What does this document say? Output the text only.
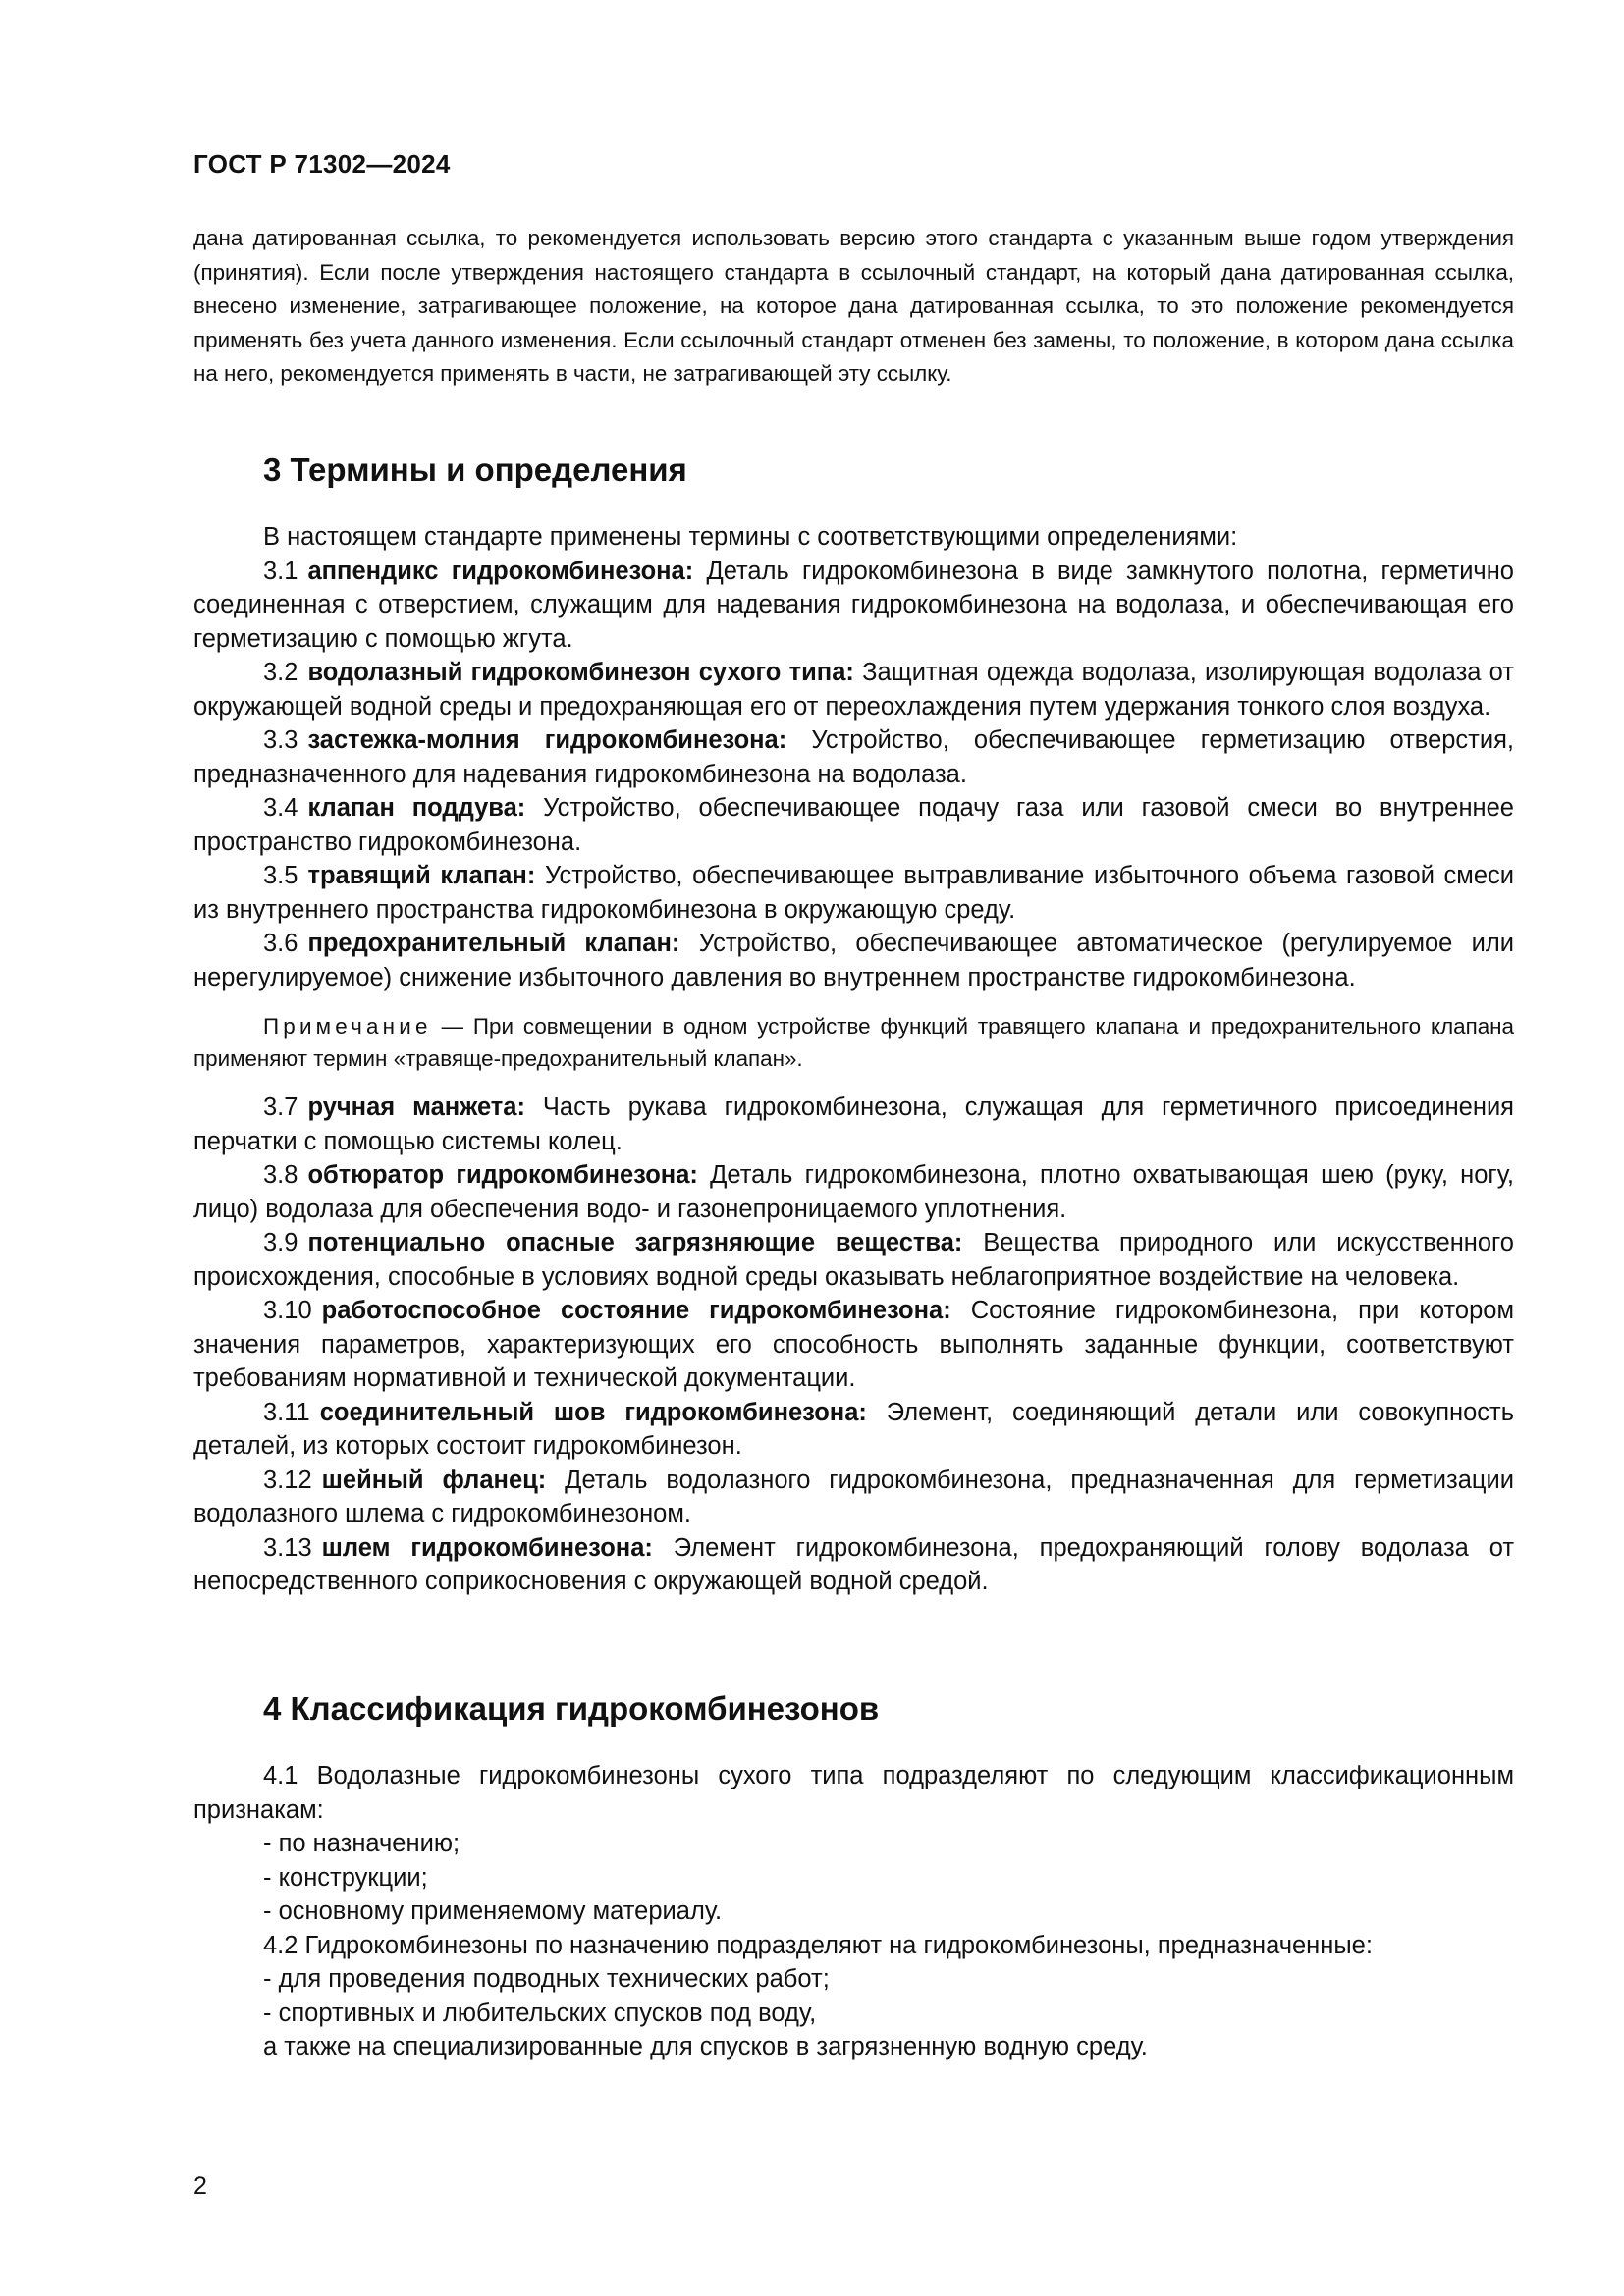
ГОСТ Р 71302—2024

дана датированная ссылка, то рекомендуется использовать версию этого стандарта с указанным выше годом утверждения (принятия). Если после утверждения настоящего стандарта в ссылочный стандарт, на который дана датированная ссылка, внесено изменение, затрагивающее положение, на которое дана датированная ссылка, то это положение рекомендуется применять без учета данного изменения. Если ссылочный стандарт отменен без замены, то положение, в котором дана ссылка на него, рекомендуется применять в части, не затрагивающей эту ссылку.

3 Термины и определения

В настоящем стандарте применены термины с соответствующими определениями:

3.1 аппендикс гидрокомбинезона: Деталь гидрокомбинезона в виде замкнутого полотна, герметично соединенная с отверстием, служащим для надевания гидрокомбинезона на водолаза, и обеспечивающая его герметизацию с помощью жгута.

3.2 водолазный гидрокомбинезон сухого типа: Защитная одежда водолаза, изолирующая водолаза от окружающей водной среды и предохраняющая его от переохлаждения путем удержания тонкого слоя воздуха.

3.3 застежка-молния гидрокомбинезона: Устройство, обеспечивающее герметизацию отверстия, предназначенного для надевания гидрокомбинезона на водолаза.

3.4 клапан поддува: Устройство, обеспечивающее подачу газа или газовой смеси во внутреннее пространство гидрокомбинезона.

3.5 травящий клапан: Устройство, обеспечивающее вытравливание избыточного объема газовой смеси из внутреннего пространства гидрокомбинезона в окружающую среду.

3.6 предохранительный клапан: Устройство, обеспечивающее автоматическое (регулируемое или нерегулируемое) снижение избыточного давления во внутреннем пространстве гидрокомбинезона.

Примечание — При совмещении в одном устройстве функций травящего клапана и предохранительного клапана применяют термин «травяще-предохранительный клапан».

3.7 ручная манжета: Часть рукава гидрокомбинезона, служащая для герметичного присоединения перчатки с помощью системы колец.

3.8 обтюратор гидрокомбинезона: Деталь гидрокомбинезона, плотно охватывающая шею (руку, ногу, лицо) водолаза для обеспечения водо- и газонепроницаемого уплотнения.

3.9 потенциально опасные загрязняющие вещества: Вещества природного или искусственного происхождения, способные в условиях водной среды оказывать неблагоприятное воздействие на человека.

3.10 работоспособное состояние гидрокомбинезона: Состояние гидрокомбинезона, при котором значения параметров, характеризующих его способность выполнять заданные функции, соответствуют требованиям нормативной и технической документации.

3.11 соединительный шов гидрокомбинезона: Элемент, соединяющий детали или совокупность деталей, из которых состоит гидрокомбинезон.

3.12 шейный фланец: Деталь водолазного гидрокомбинезона, предназначенная для герметизации водолазного шлема с гидрокомбинезоном.

3.13 шлем гидрокомбинезона: Элемент гидрокомбинезона, предохраняющий голову водолаза от непосредственного соприкосновения с окружающей водной средой.

4 Классификация гидрокомбинезонов

4.1 Водолазные гидрокомбинезоны сухого типа подразделяют по следующим классификационным признакам:

- по назначению;

- конструкции;

- основному применяемому материалу.

4.2 Гидрокомбинезоны по назначению подразделяют на гидрокомбинезоны, предназначенные:

- для проведения подводных технических работ;

- спортивных и любительских спусков под воду,

а также на специализированные для спусков в загрязненную водную среду.

2
